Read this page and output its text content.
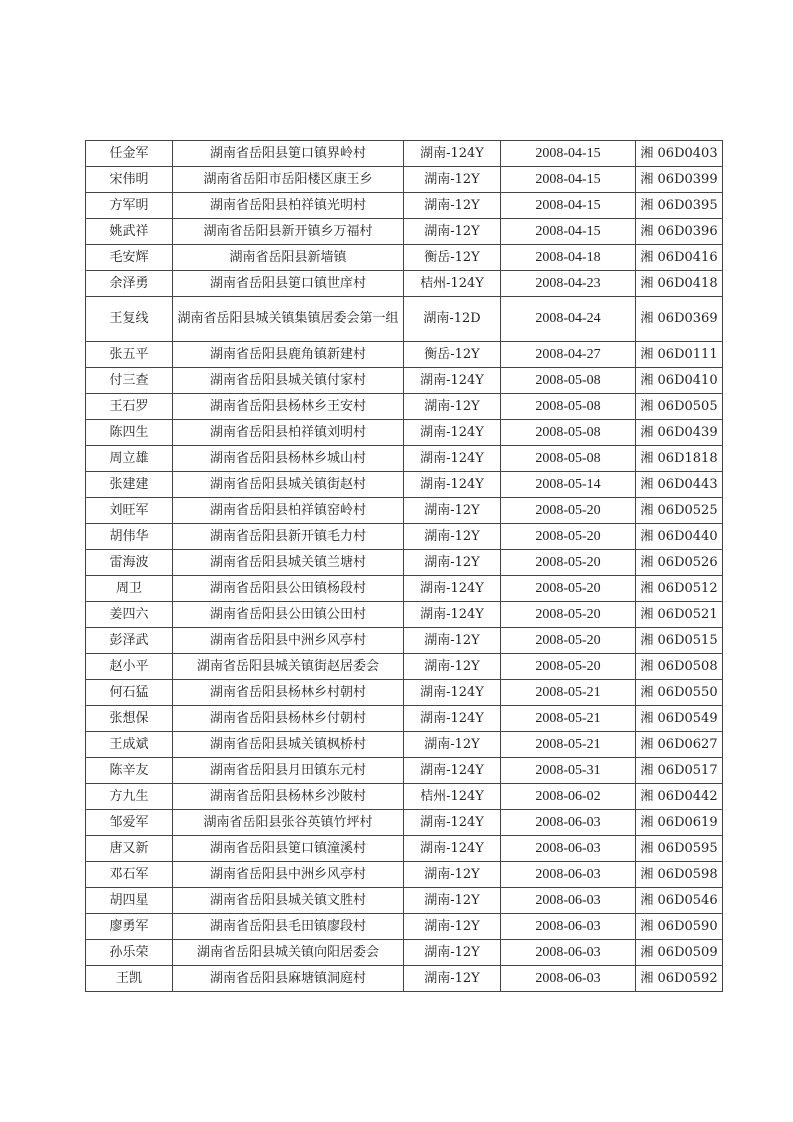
任金军	湖南省岳阳县筻口镇界岭村	湖南-124Y	2008-04-15	湘 06D0403
宋伟明	湖南省岳阳市岳阳楼区康王乡	湖南-12Y	2008-04-15	湘 06D0399
方军明	湖南省岳阳县柏祥镇光明村	湖南-12Y	2008-04-15	湘 06D0395
姚武祥	湖南省岳阳县新开镇乡万福村	湖南-12Y	2008-04-15	湘 06D0396
毛安辉	湖南省岳阳县新墙镇	衡岳-12Y	2008-04-18	湘 06D0416
余泽勇	湖南省岳阳县筻口镇世庠村	桔州-124Y	2008-04-23	湘 06D0418
王复线	湖南省岳阳县城关镇集镇居委会第一组	湖南-12D	2008-04-24	湘 06D0369
张五平	湖南省岳阳县鹿角镇新建村	衡岳-12Y	2008-04-27	湘 06D0111
付三查	湖南省岳阳县城关镇付家村	湖南-124Y	2008-05-08	湘 06D0410
王石罗	湖南省岳阳县杨林乡王安村	湖南-12Y	2008-05-08	湘 06D0505
陈四生	湖南省岳阳县柏祥镇刘明村	湖南-124Y	2008-05-08	湘 06D0439
周立雄	湖南省岳阳县杨林乡城山村	湖南-124Y	2008-05-08	湘 06D1818
张建建	湖南省岳阳县城关镇街赵村	湖南-124Y	2008-05-14	湘 06D0443
刘旺军	湖南省岳阳县柏祥镇窑岭村	湖南-12Y	2008-05-20	湘 06D0525
胡伟华	湖南省岳阳县新开镇毛力村	湖南-12Y	2008-05-20	湘 06D0440
雷海波	湖南省岳阳县城关镇兰塘村	湖南-12Y	2008-05-20	湘 06D0526
周卫	湖南省岳阳县公田镇杨段村	湖南-124Y	2008-05-20	湘 06D0512
姜四六	湖南省岳阳县公田镇公田村	湖南-124Y	2008-05-20	湘 06D0521
彭泽武	湖南省岳阳县中洲乡风亭村	湖南-12Y	2008-05-20	湘 06D0515
赵小平	湖南省岳阳县城关镇街赵居委会	湖南-12Y	2008-05-20	湘 06D0508
何石猛	湖南省岳阳县杨林乡村朝村	湖南-124Y	2008-05-21	湘 06D0550
张想保	湖南省岳阳县杨林乡付朝村	湖南-124Y	2008-05-21	湘 06D0549
王成斌	湖南省岳阳县城关镇枫桥村	湖南-12Y	2008-05-21	湘 06D0627
陈辛友	湖南省岳阳县月田镇东元村	湖南-124Y	2008-05-31	湘 06D0517
方九生	湖南省岳阳县杨林乡沙陂村	桔州-124Y	2008-06-02	湘 06D0442
邹爱军	湖南省岳阳县张谷英镇竹坪村	湖南-124Y	2008-06-03	湘 06D0619
唐又新	湖南省岳阳县筻口镇潼溪村	湖南-124Y	2008-06-03	湘 06D0595
邓石军	湖南省岳阳县中洲乡风亭村	湖南-12Y	2008-06-03	湘 06D0598
胡四星	湖南省岳阳县城关镇文胜村	湖南-12Y	2008-06-03	湘 06D0546
廖勇军	湖南省岳阳县毛田镇廖段村	湖南-12Y	2008-06-03	湘 06D0590
孙乐荣	湖南省岳阳县城关镇向阳居委会	湖南-12Y	2008-06-03	湘 06D0509
王凯	湖南省岳阳县麻塘镇洞庭村	湖南-12Y	2008-06-03	湘 06D0592
